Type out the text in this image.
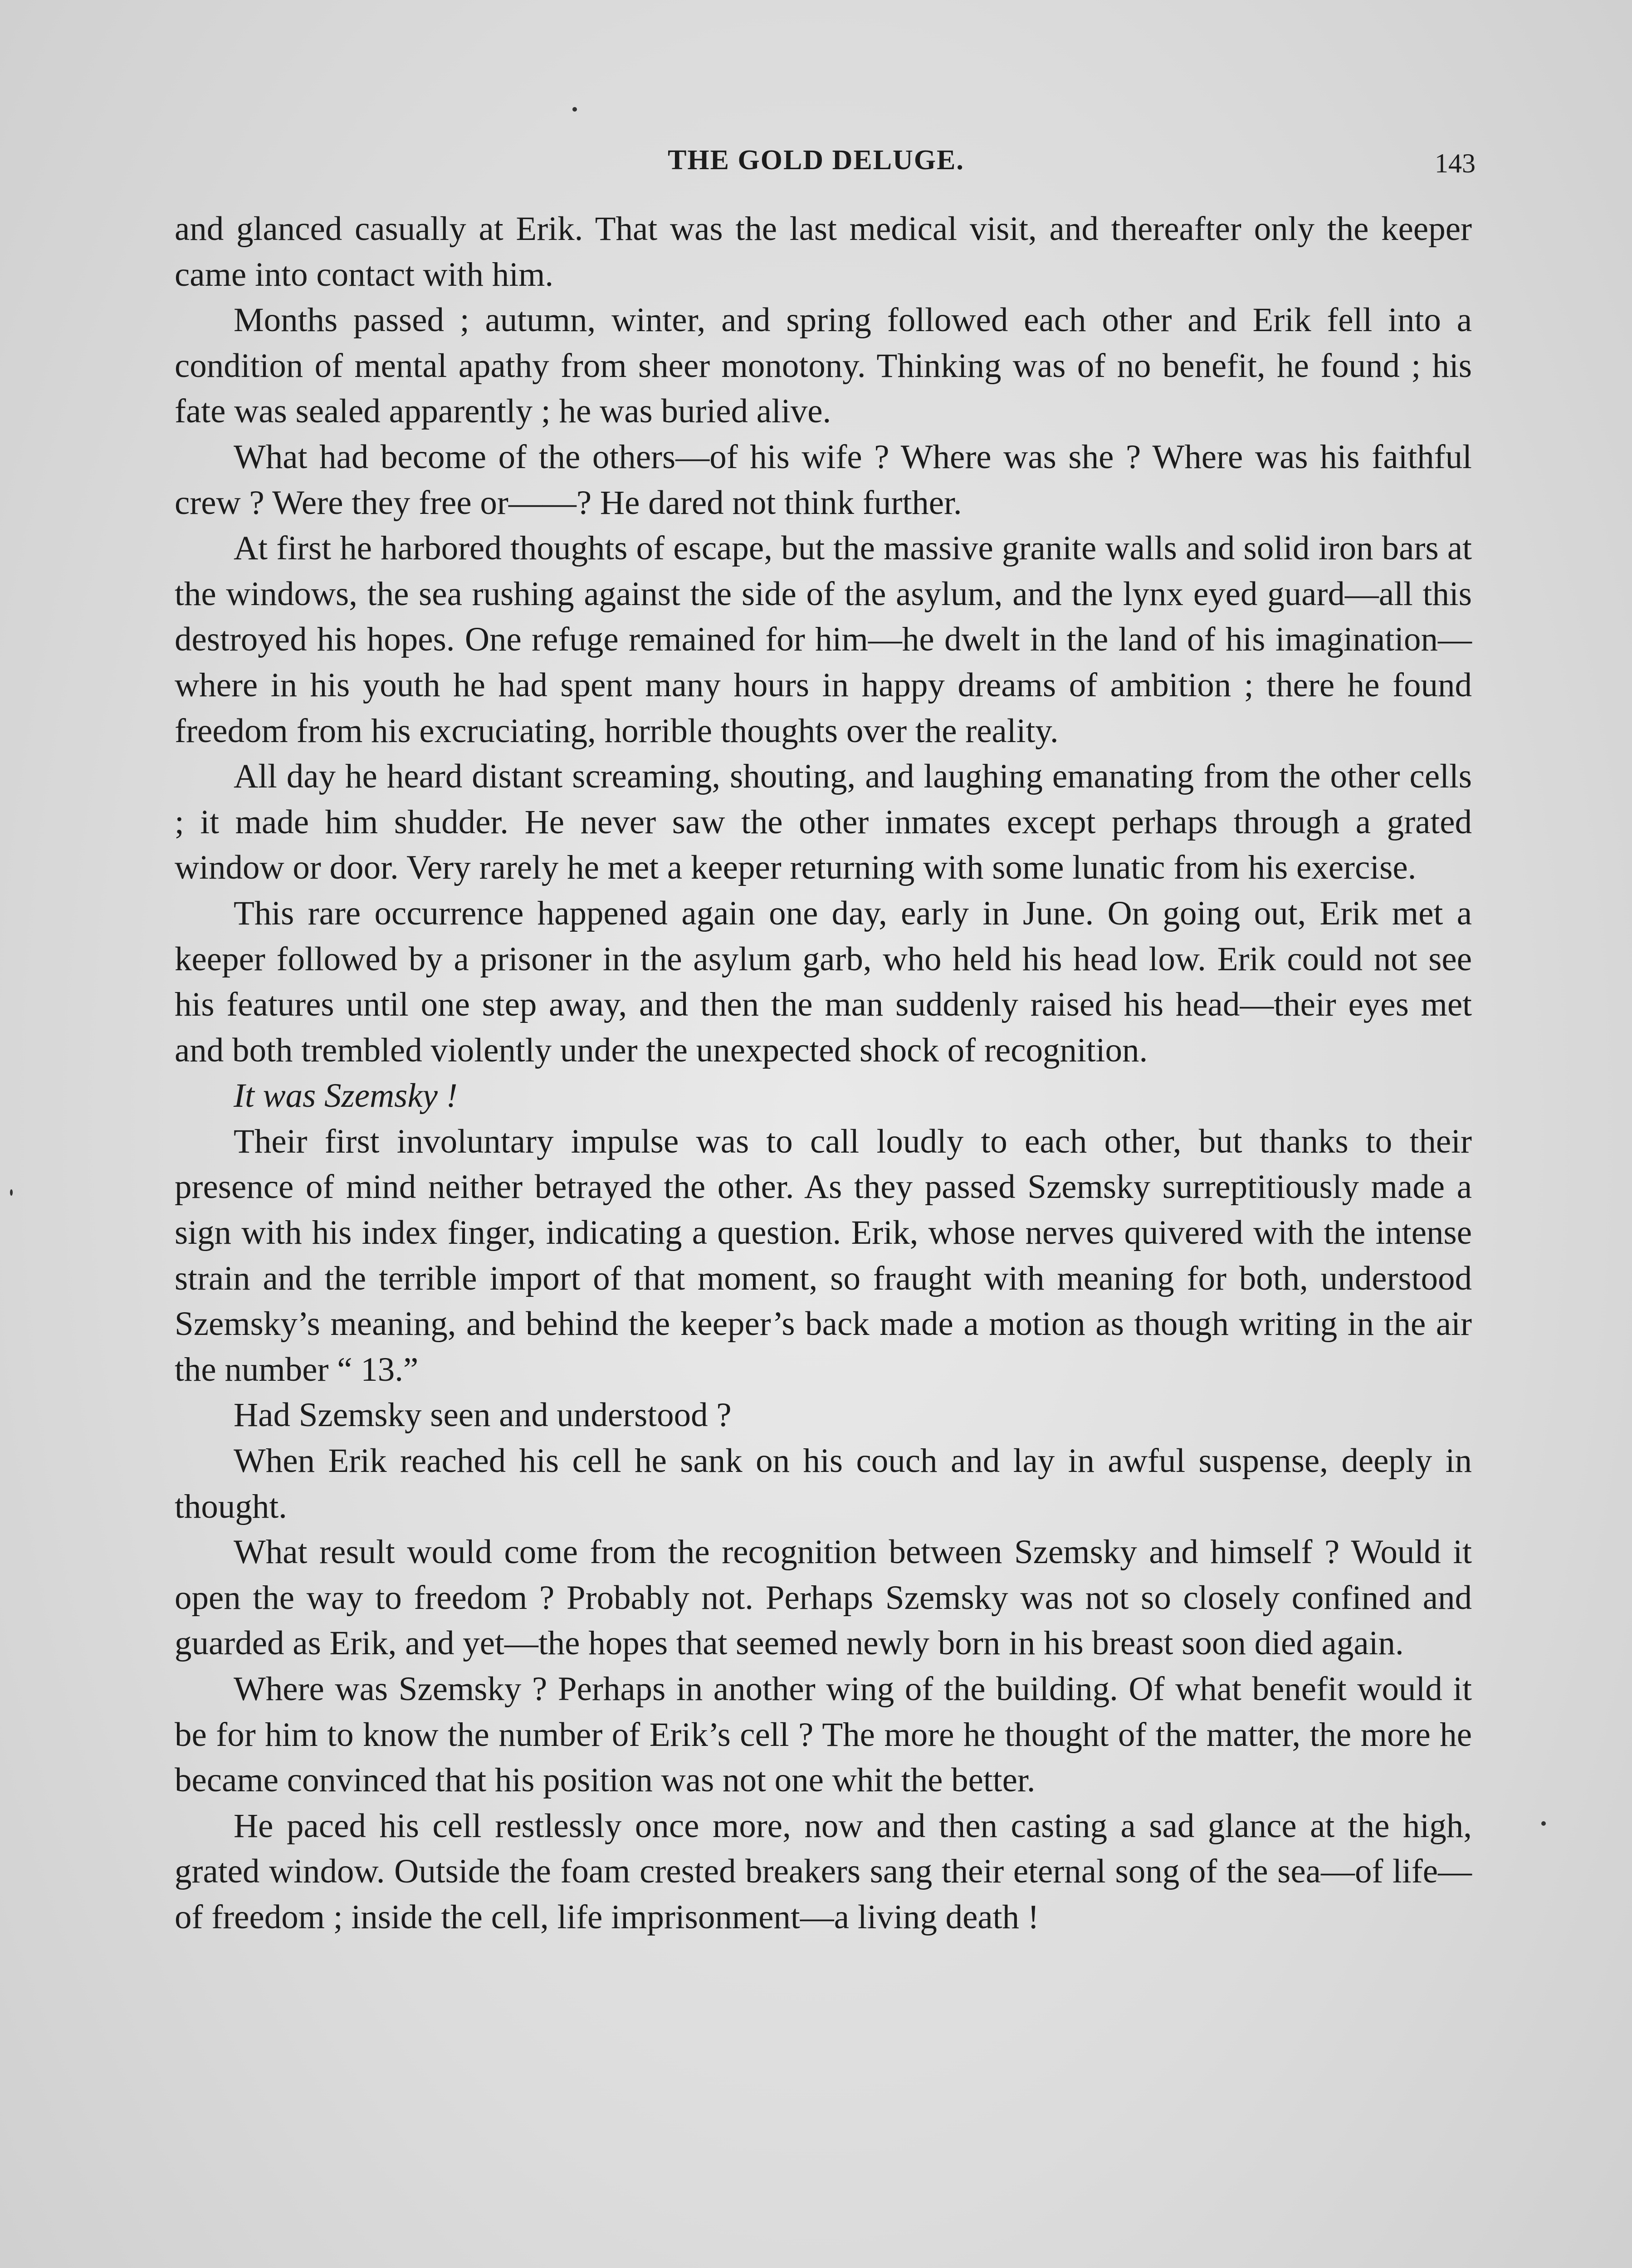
THE GOLD DELUGE.	143

and glanced casually at Erik. That was the last medical visit, and thereafter only the keeper came into contact with him.

Months passed ; autumn, winter, and spring followed each other and Erik fell into a condition of mental apathy from sheer monotony. Thinking was of no benefit, he found ; his fate was sealed apparently ; he was buried alive.

What had become of the others—of his wife ? Where was she ? Where was his faithful crew ? Were they free or——? He dared not think further.

At first he harbored thoughts of escape, but the massive granite walls and solid iron bars at the windows, the sea rushing against the side of the asylum, and the lynx eyed guard—all this destroyed his hopes. One refuge remained for him—he dwelt in the land of his imagination—where in his youth he had spent many hours in happy dreams of ambition ; there he found freedom from his excruciating, horrible thoughts over the reality.

All day he heard distant screaming, shouting, and laughing emanating from the other cells ; it made him shudder. He never saw the other inmates except perhaps through a grated window or door. Very rarely he met a keeper returning with some lunatic from his exercise.

This rare occurrence happened again one day, early in June. On going out, Erik met a keeper followed by a prisoner in the asylum garb, who held his head low. Erik could not see his features until one step away, and then the man suddenly raised his head—their eyes met and both trembled violently under the unexpected shock of recognition.

It was Szemsky !

Their first involuntary impulse was to call loudly to each other, but thanks to their presence of mind neither betrayed the other. As they passed Szemsky surreptitiously made a sign with his index finger, indicating a question. Erik, whose nerves quivered with the intense strain and the terrible import of that moment, so fraught with meaning for both, understood Szemsky’s meaning, and behind the keeper’s back made a motion as though writing in the air the number “ 13.”

Had Szemsky seen and understood ?

When Erik reached his cell he sank on his couch and lay in awful suspense, deeply in thought.

What result would come from the recognition between Szemsky and himself ? Would it open the way to freedom ? Probably not. Perhaps Szemsky was not so closely confined and guarded as Erik, and yet—the hopes that seemed newly born in his breast soon died again.

Where was Szemsky ? Perhaps in another wing of the building. Of what benefit would it be for him to know the number of Erik’s cell ? The more he thought of the matter, the more he became convinced that his position was not one whit the better.

He paced his cell restlessly once more, now and then casting a sad glance at the high, grated window. Outside the foam crested breakers sang their eternal song of the sea—of life—of freedom ; inside the cell, life imprisonment—a living death !
